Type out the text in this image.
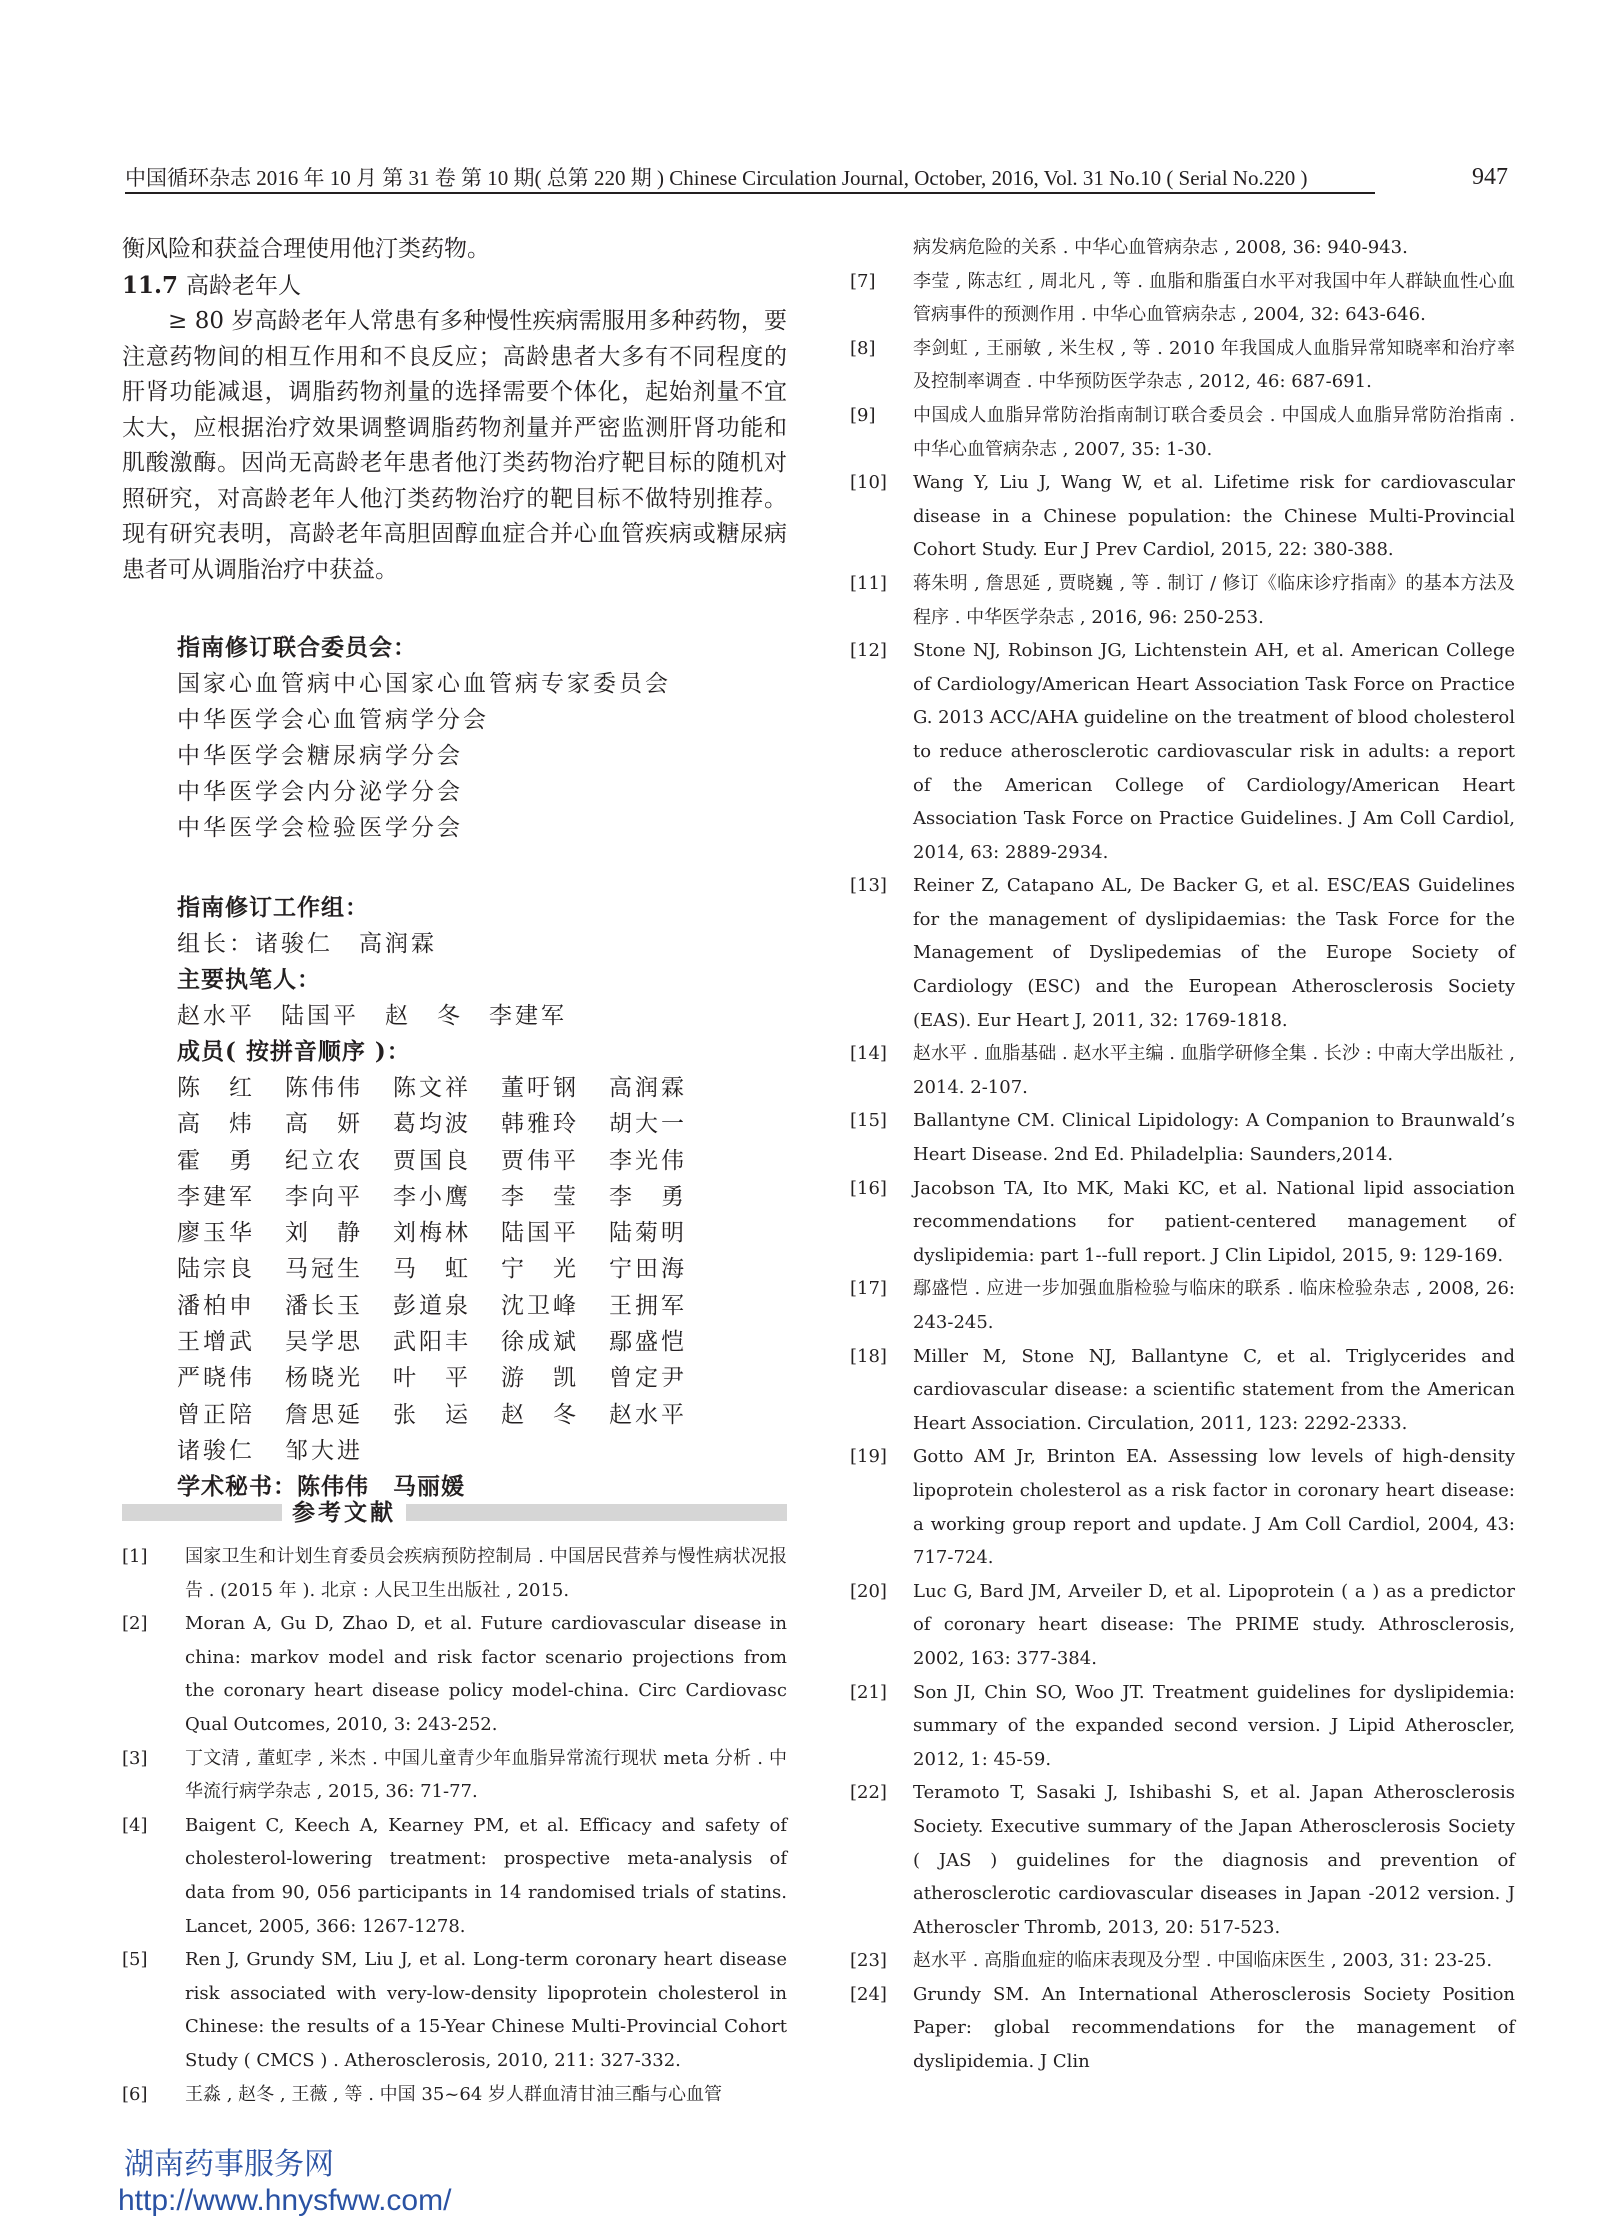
中国循环杂志 2016 年 10 月 第 31 卷 第 10 期( 总第 220 期 ) Chinese Circulation Journal, October, 2016, Vol. 31 No.10 ( Serial No.220 )	947

衡风险和获益合理使用他汀类药物。

11.7 高龄老年人

≥ 80 岁高龄老年人常患有多种慢性疾病需服用多种药物，要注意药物间的相互作用和不良反应；高龄患者大多有不同程度的肝肾功能减退，调脂药物剂量的选择需要个体化，起始剂量不宜太大，应根据治疗效果调整调脂药物剂量并严密监测肝肾功能和肌酸激酶。因尚无高龄老年患者他汀类药物治疗靶目标的随机对照研究，对高龄老年人他汀类药物治疗的靶目标不做特别推荐。现有研究表明，高龄老年高胆固醇血症合并心血管疾病或糖尿病患者可从调脂治疗中获益。

指南修订联合委员会：
国家心血管病中心国家心血管病专家委员会
中华医学会心血管病学分会
中华医学会糖尿病学分会
中华医学会内分泌学分会
中华医学会检验医学分会
指南修订工作组：
组长：诸骏仁　高润霖
主要执笔人：
赵水平　陆国平　赵　冬　李建军
成员( 按拼音顺序 )：
陈　红	陈伟伟	陈文祥	董吁钢	高润霖
高　炜	高　妍	葛均波	韩雅玲	胡大一
霍　勇	纪立农	贾国良	贾伟平	李光伟
李建军	李向平	李小鹰	李　莹	李　勇
廖玉华	刘　静	刘梅林	陆国平	陆菊明
陆宗良	马冠生	马　虹	宁　光	宁田海
潘柏申	潘长玉	彭道泉	沈卫峰	王拥军
王增武	吴学思	武阳丰	徐成斌	鄢盛恺
严晓伟	杨晓光	叶　平	游　凯	曾定尹
曾正陪	詹思延	张　运	赵　冬	赵水平
诸骏仁	邹大进
学术秘书：陈伟伟　马丽媛
参考文献
[1] 国家卫生和计划生育委员会疾病预防控制局 . 中国居民营养与慢性病状况报告 . (2015 年 ). 北京 : 人民卫生出版社 , 2015.
[2] Moran A, Gu D, Zhao D, et al. Future cardiovascular disease in china: markov model and risk factor scenario projections from the coronary heart disease policy model-china. Circ Cardiovasc Qual Outcomes, 2010, 3: 243-252.
[3] 丁文清 , 董虹孛 , 米杰 . 中国儿童青少年血脂异常流行现状 meta 分析 . 中华流行病学杂志 , 2015, 36: 71-77.
[4] Baigent C, Keech A, Kearney PM, et al. Efficacy and safety of cholesterol-lowering treatment: prospective meta-analysis of data from 90, 056 participants in 14 randomised trials of statins. Lancet, 2005, 366: 1267-1278.
[5] Ren J, Grundy SM, Liu J, et al. Long-term coronary heart disease risk associated with very-low-density lipoprotein cholesterol in Chinese: the results of a 15-Year Chinese Multi-Provincial Cohort Study ( CMCS ) . Atherosclerosis, 2010, 211: 327-332.
[6] 王淼 , 赵冬 , 王薇 , 等 . 中国 35~64 岁人群血清甘油三酯与心血管
病发病危险的关系 . 中华心血管病杂志 , 2008, 36: 940-943.
[7] 李莹 , 陈志红 , 周北凡 , 等 . 血脂和脂蛋白水平对我国中年人群缺血性心血管病事件的预测作用 . 中华心血管病杂志 , 2004, 32: 643-646.
[8] 李剑虹 , 王丽敏 , 米生权 , 等 . 2010 年我国成人血脂异常知晓率和治疗率及控制率调查 . 中华预防医学杂志 , 2012, 46: 687-691.
[9] 中国成人血脂异常防治指南制订联合委员会 . 中国成人血脂异常防治指南 . 中华心血管病杂志 , 2007, 35: 1-30.
[10] Wang Y, Liu J, Wang W, et al. Lifetime risk for cardiovascular disease in a Chinese population: the Chinese Multi-Provincial Cohort Study. Eur J Prev Cardiol, 2015, 22: 380-388.
[11] 蒋朱明 , 詹思延 , 贾晓巍 , 等 . 制订 / 修订《临床诊疗指南》的基本方法及程序 . 中华医学杂志 , 2016, 96: 250-253.
[12] Stone NJ, Robinson JG, Lichtenstein AH, et al. American College of Cardiology/American Heart Association Task Force on Practice G. 2013 ACC/AHA guideline on the treatment of blood cholesterol to reduce atherosclerotic cardiovascular risk in adults: a report of the American College of Cardiology/American Heart Association Task Force on Practice Guidelines. J Am Coll Cardiol, 2014, 63: 2889-2934.
[13] Reiner Z, Catapano AL, De Backer G, et al. ESC/EAS Guidelines for the management of dyslipidaemias: the Task Force for the Management of Dyslipedemias of the Europe Society of Cardiology (ESC) and the European Atherosclerosis Society (EAS). Eur Heart J, 2011, 32: 1769-1818.
[14] 赵水平 . 血脂基础 . 赵水平主编 . 血脂学研修全集 . 长沙 : 中南大学出版社 , 2014. 2-107.
[15] Ballantyne CM. Clinical Lipidology: A Companion to Braunwald’s Heart Disease. 2nd Ed. Philadelplia: Saunders,2014.
[16] Jacobson TA, Ito MK, Maki KC, et al. National lipid association recommendations for patient-centered management of dyslipidemia: part 1--full report. J Clin Lipidol, 2015, 9: 129-169.
[17] 鄢盛恺 . 应进一步加强血脂检验与临床的联系 . 临床检验杂志 , 2008, 26: 243-245.
[18] Miller M, Stone NJ, Ballantyne C, et al. Triglycerides and cardiovascular disease: a scientific statement from the American Heart Association. Circulation, 2011, 123: 2292-2333.
[19] Gotto AM Jr, Brinton EA. Assessing low levels of high-density lipoprotein cholesterol as a risk factor in coronary heart disease: a working group report and update. J Am Coll Cardiol, 2004, 43: 717-724.
[20] Luc G, Bard JM, Arveiler D, et al. Lipoprotein ( a ) as a predictor of coronary heart disease: The PRIME study. Athrosclerosis, 2002, 163: 377-384.
[21] Son JI, Chin SO, Woo JT. Treatment guidelines for dyslipidemia: summary of the expanded second version. J Lipid Atheroscler, 2012, 1: 45-59.
[22] Teramoto T, Sasaki J, Ishibashi S, et al. Japan Atherosclerosis Society. Executive summary of the Japan Atherosclerosis Society ( JAS ) guidelines for the diagnosis and prevention of atherosclerotic cardiovascular diseases in Japan -2012 version. J Atheroscler Thromb, 2013, 20: 517-523.
[23] 赵水平 . 高脂血症的临床表现及分型 . 中国临床医生 , 2003, 31: 23-25.
[24] Grundy SM. An International Atherosclerosis Society Position Paper: global recommendations for the management of dyslipidemia. J Clin
湖南药事服务网
http://www.hnysfww.com/
